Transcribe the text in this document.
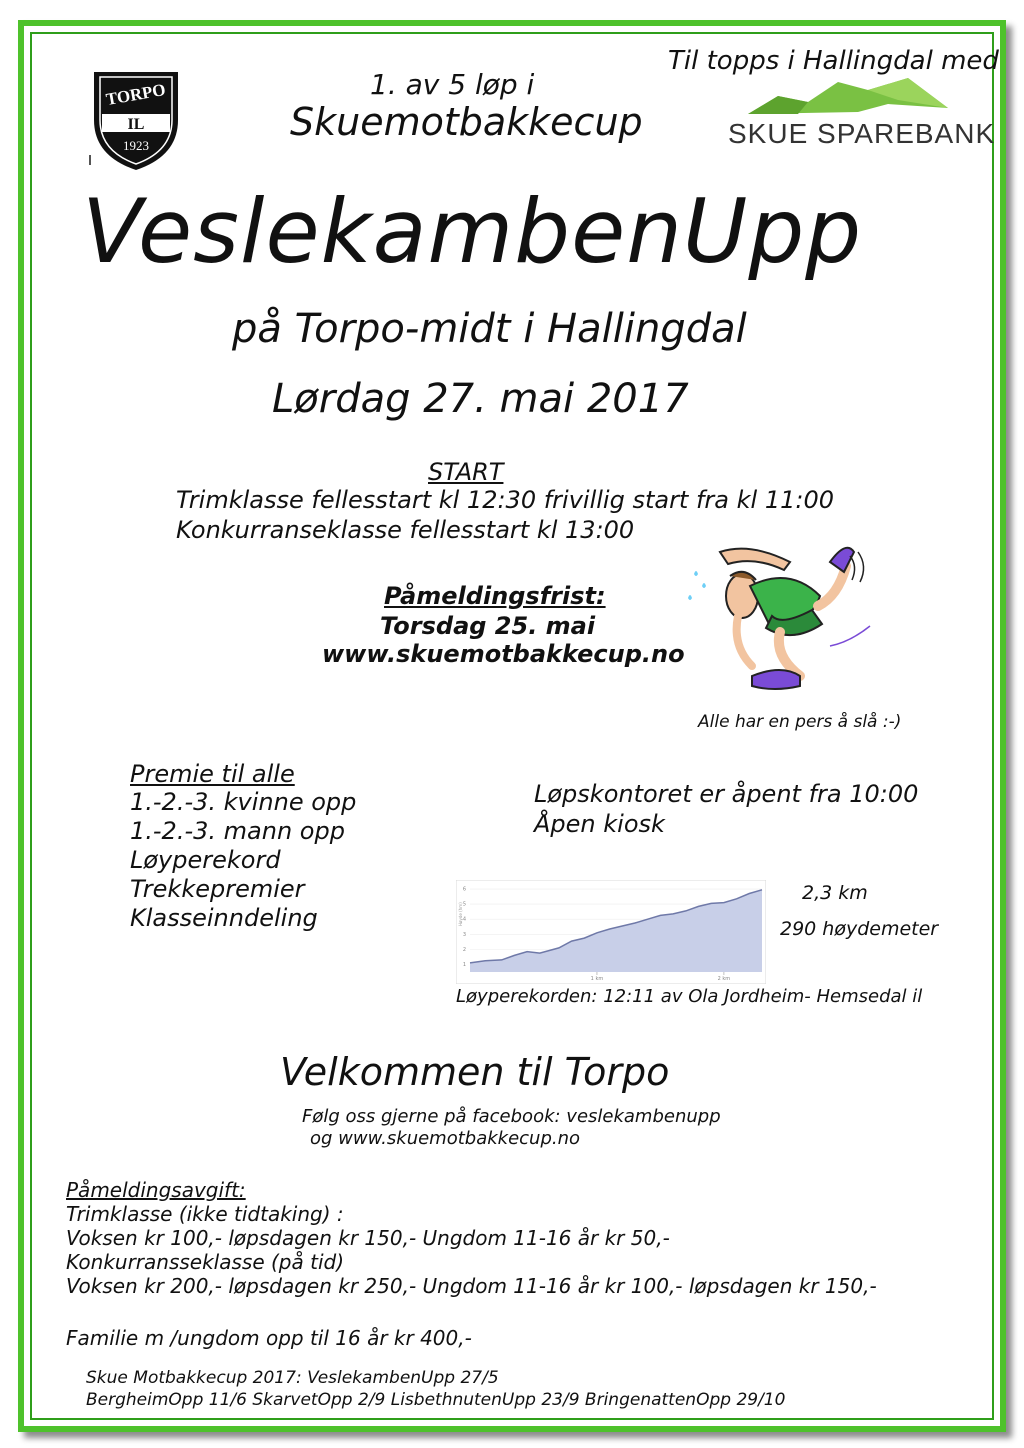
TORPO
IL
1923
1. av 5 løp i
Skuemotbakkecup
Til topps i Hallingdal med
SKUE SPAREBANK
VeslekambenUpp
på Torpo-midt i Hallingdal
Lørdag 27. mai 2017
START
Trimklasse fellesstart kl 12:30 frivillig start fra kl 11:00
Konkurranseklasse fellesstart kl 13:00
Påmeldingsfrist:
Torsdag 25. mai
www.skuemotbakkecup.no
Alle har en pers å slå :-)
Premie til alle
1.-2.-3. kvinne opp
1.-2.-3. mann opp
Løyperekord
Trekkepremier
Klasseinndeling
Løpskontoret er åpent fra 10:00
Åpen kiosk
1
2
3
4
5
6
1 km	2 km
Høyde (hm)
2,3 km
290 høydemeter
Løyperekorden: 12:11 av Ola Jordheim- Hemsedal il
Velkommen til Torpo
Følg oss gjerne på facebook: veslekambenupp
og www.skuemotbakkecup.no
Påmeldingsavgift:
Trimklasse (ikke tidtaking) :
Voksen kr 100,- løpsdagen kr 150,- Ungdom 11-16 år kr 50,-
Konkurransseklasse (på tid)
Voksen kr 200,- løpsdagen kr 250,- Ungdom 11-16 år kr 100,- løpsdagen kr 150,-
Familie m /ungdom opp til 16 år kr 400,-
Skue Motbakkecup 2017: VeslekambenUpp 27/5
BergheimOpp 11/6 SkarvetOpp 2/9 LisbethnutenUpp 23/9 BringenattenOpp 29/10
